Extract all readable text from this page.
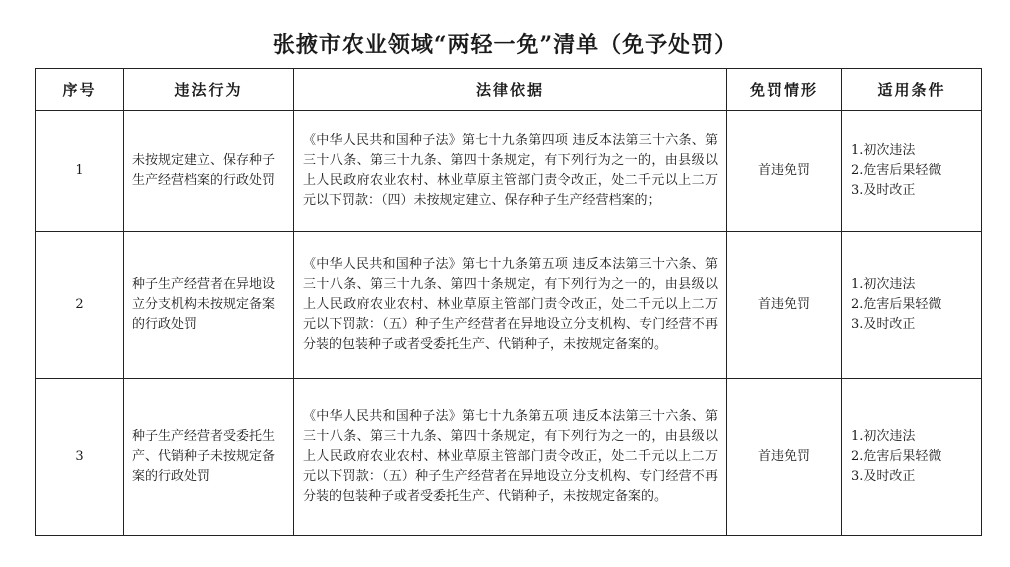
张掖市农业领域“两轻一免”清单（免予处罚）
序号	违法行为	法律依据	免罚情形	适用条件
1	未按规定建立、保存种子生产经营档案的行政处罚	《中华人民共和国种子法》第七十九条第四项 违反本法第三十六条、第三十八条、第三十九条、第四十条规定，有下列行为之一的，由县级以上人民政府农业农村、林业草原主管部门责令改正，处二千元以上二万元以下罚款：（四）未按规定建立、保存种子生产经营档案的；	首违免罚	1.初次违法
2.危害后果轻微
3.及时改正

2	种子生产经营者在异地设立分支机构未按规定备案的行政处罚	《中华人民共和国种子法》第七十九条第五项 违反本法第三十六条、第三十八条、第三十九条、第四十条规定，有下列行为之一的，由县级以上人民政府农业农村、林业草原主管部门责令改正，处二千元以上二万元以下罚款：（五）种子生产经营者在异地设立分支机构、专门经营不再分装的包装种子或者受委托生产、代销种子，未按规定备案的。	首违免罚	1.初次违法
2.危害后果轻微
3.及时改正

3	种子生产经营者受委托生产、代销种子未按规定备案的行政处罚	《中华人民共和国种子法》第七十九条第五项 违反本法第三十六条、第三十八条、第三十九条、第四十条规定，有下列行为之一的，由县级以上人民政府农业农村、林业草原主管部门责令改正，处二千元以上二万元以下罚款：（五）种子生产经营者在异地设立分支机构、专门经营不再分装的包装种子或者受委托生产、代销种子，未按规定备案的。	首违免罚	1.初次违法
2.危害后果轻微
3.及时改正
